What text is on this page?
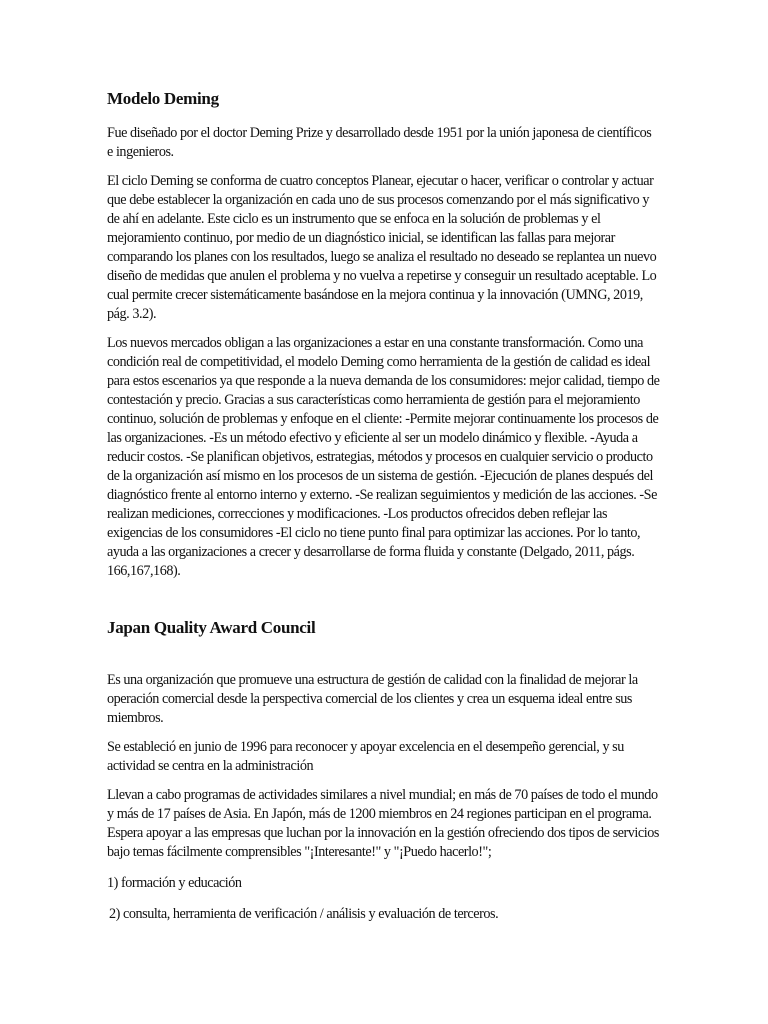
Modelo Deming

Fue diseñado por el doctor Deming Prize y desarrollado desde 1951 por la unión japonesa de científicos e ingenieros.

El ciclo Deming se conforma de cuatro conceptos Planear, ejecutar o hacer, verificar o controlar y actuar que debe establecer la organización en cada uno de sus procesos comenzando por el más significativo y de ahí en adelante. Este ciclo es un instrumento que se enfoca en la solución de problemas y el mejoramiento continuo, por medio de un diagnóstico inicial, se identifican las fallas para mejorar comparando los planes con los resultados, luego se analiza el resultado no deseado se replantea un nuevo diseño de medidas que anulen el problema y no vuelva a repetirse y conseguir un resultado aceptable. Lo cual permite crecer sistemáticamente basándose en la mejora continua y la innovación (UMNG, 2019, pág. 3.2).

Los nuevos mercados obligan a las organizaciones a estar en una constante transformación. Como una condición real de competitividad, el modelo Deming como herramienta de la gestión de calidad es ideal para estos escenarios ya que responde a la nueva demanda de los consumidores: mejor calidad, tiempo de contestación y precio. Gracias a sus características como herramienta de gestión para el mejoramiento continuo, solución de problemas y enfoque en el cliente: -Permite mejorar continuamente los procesos de las organizaciones. -Es un método efectivo y eficiente al ser un modelo dinámico y flexible. -Ayuda a reducir costos. -Se planifican objetivos, estrategias, métodos y procesos en cualquier servicio o producto de la organización así mismo en los procesos de un sistema de gestión. -Ejecución de planes después del diagnóstico frente al entorno interno y externo. -Se realizan seguimientos y medición de las acciones. -Se realizan mediciones, correcciones y modificaciones. -Los productos ofrecidos deben reflejar las exigencias de los consumidores -El ciclo no tiene punto final para optimizar las acciones. Por lo tanto, ayuda a las organizaciones a crecer y desarrollarse de forma fluida y constante (Delgado, 2011, págs. 166,167,168).

Japan Quality Award Council

Es una organización que promueve una estructura de gestión de calidad con la finalidad de mejorar la operación comercial desde la perspectiva comercial de los clientes y crea un esquema ideal entre sus miembros.

Se estableció en junio de 1996 para reconocer y apoyar excelencia en el desempeño gerencial, y su actividad se centra en la administración

Llevan a cabo programas de actividades similares a nivel mundial; en más de 70 países de todo el mundo y más de 17 países de Asia. En Japón, más de 1200 miembros en 24 regiones participan en el programa. Espera apoyar a las empresas que luchan por la innovación en la gestión ofreciendo dos tipos de servicios bajo temas fácilmente comprensibles "¡Interesante!" y "¡Puedo hacerlo!";

1) formación y educación

2) consulta, herramienta de verificación / análisis y evaluación de terceros.
